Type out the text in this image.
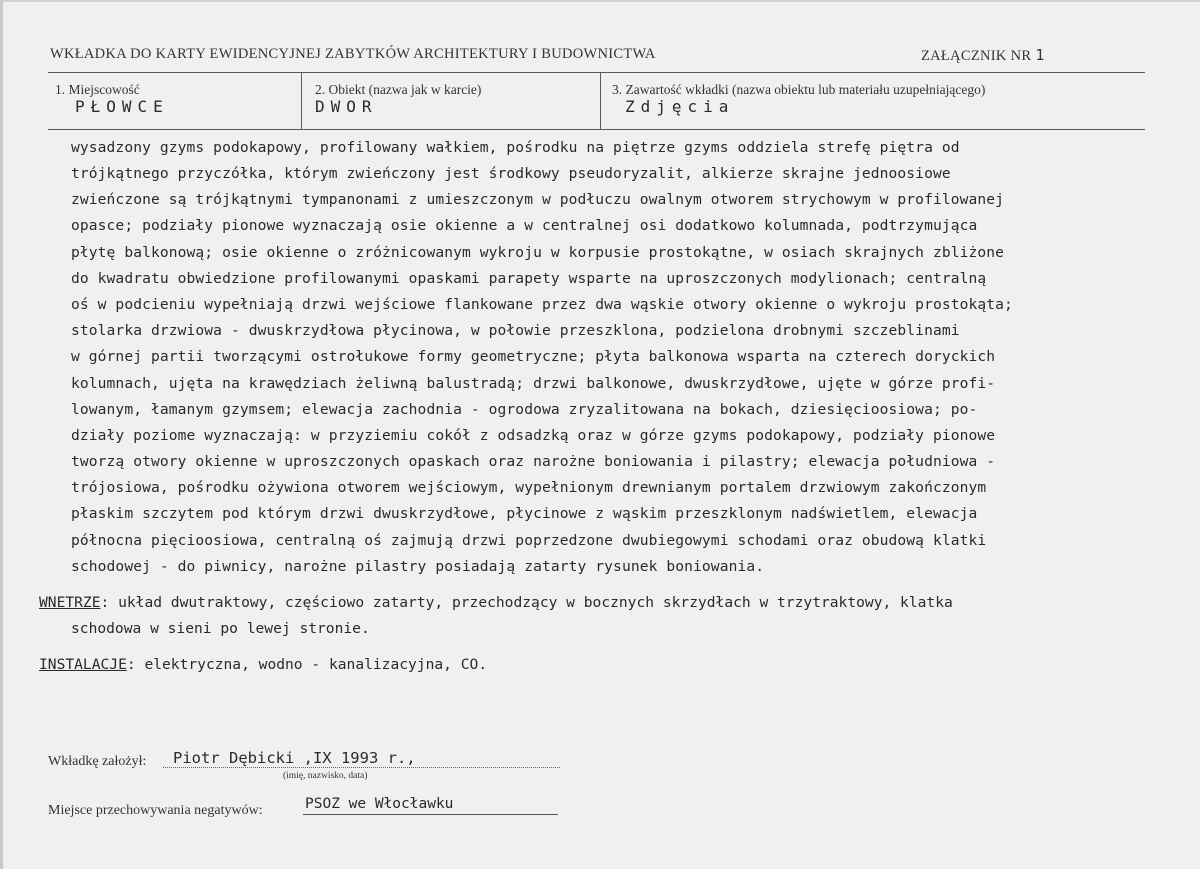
WKŁADKA DO KARTY EWIDENCYJNEJ ZABYTKÓW ARCHITEKTURY I BUDOWNICTWA	ZAŁĄCZNIK NR 1
1. Miejscowość
PŁOWCE
2. Obiekt (nazwa jak w karcie)
DWOR
3. Zawartość wkładki (nazwa obiektu lub materiału uzupełniającego)
Zdjęcia
wysadzony gzyms podokapowy, profilowany wałkiem, pośrodku na piętrze gzyms oddziela strefę piętra od
trójkątnego przyczółka, którym zwieńczony jest środkowy pseudoryzalit, alkierze skrajne jednoosiowe
zwieńczone są trójkątnymi tympanonami z umieszczonym w podłuczu owalnym otworem strychowym w profilowanej
opasce; podziały pionowe wyznaczają osie okienne a w centralnej osi dodatkowo kolumnada, podtrzymująca
płytę balkonową; osie okienne o zróżnicowanym wykroju w korpusie prostokątne, w osiach skrajnych zbliżone
do kwadratu obwiedzione profilowanymi opaskami parapety wsparte na uproszczonych modylionach; centralną
oś w podcieniu wypełniają drzwi wejściowe flankowane przez dwa wąskie otwory okienne o wykroju prostokąta;
stolarka drzwiowa - dwuskrzydłowa płycinowa, w połowie przeszklona, podzielona drobnymi szczeblinami
w górnej partii tworzącymi ostrołukowe formy geometryczne; płyta balkonowa wsparta na czterech doryckich
kolumnach, ujęta na krawędziach żeliwną balustradą; drzwi balkonowe, dwuskrzydłowe, ujęte w górze profi-
lowanym, łamanym gzymsem; elewacja zachodnia - ogrodowa zryzalitowana na bokach, dziesięcioosiowa; po-
działy poziome wyznaczają: w przyziemiu cokół z odsadzką oraz w górze gzyms podokapowy, podziały pionowe
tworzą otwory okienne w uproszczonych opaskach oraz narożne boniowania i pilastry; elewacja południowa -
trójosiowa, pośrodku ożywiona otworem wejściowym, wypełnionym drewnianym portalem drzwiowym zakończonym
płaskim szczytem pod którym drzwi dwuskrzydłowe, płycinowe z wąskim przeszklonym nadświetlem, elewacja
północna pięcioosiowa, centralną oś zajmują drzwi poprzedzone dwubiegowymi schodami oraz obudową klatki
schodowej - do piwnicy, narożne pilastry posiadają zatarty rysunek boniowania.
WNETRZE: układ dwutraktowy, częściowo zatarty, przechodzący w bocznych skrzydłach w trzytraktowy, klatka
schodowa w sieni po lewej stronie.
INSTALACJE: elektryczna, wodno - kanalizacyjna, CO.
Wkładkę założył: Piotr Dębicki ,IX 1993 r.,
(imię, nazwisko, data)
Miejsce przechowywania negatywów:	PSOZ we Włocławku
